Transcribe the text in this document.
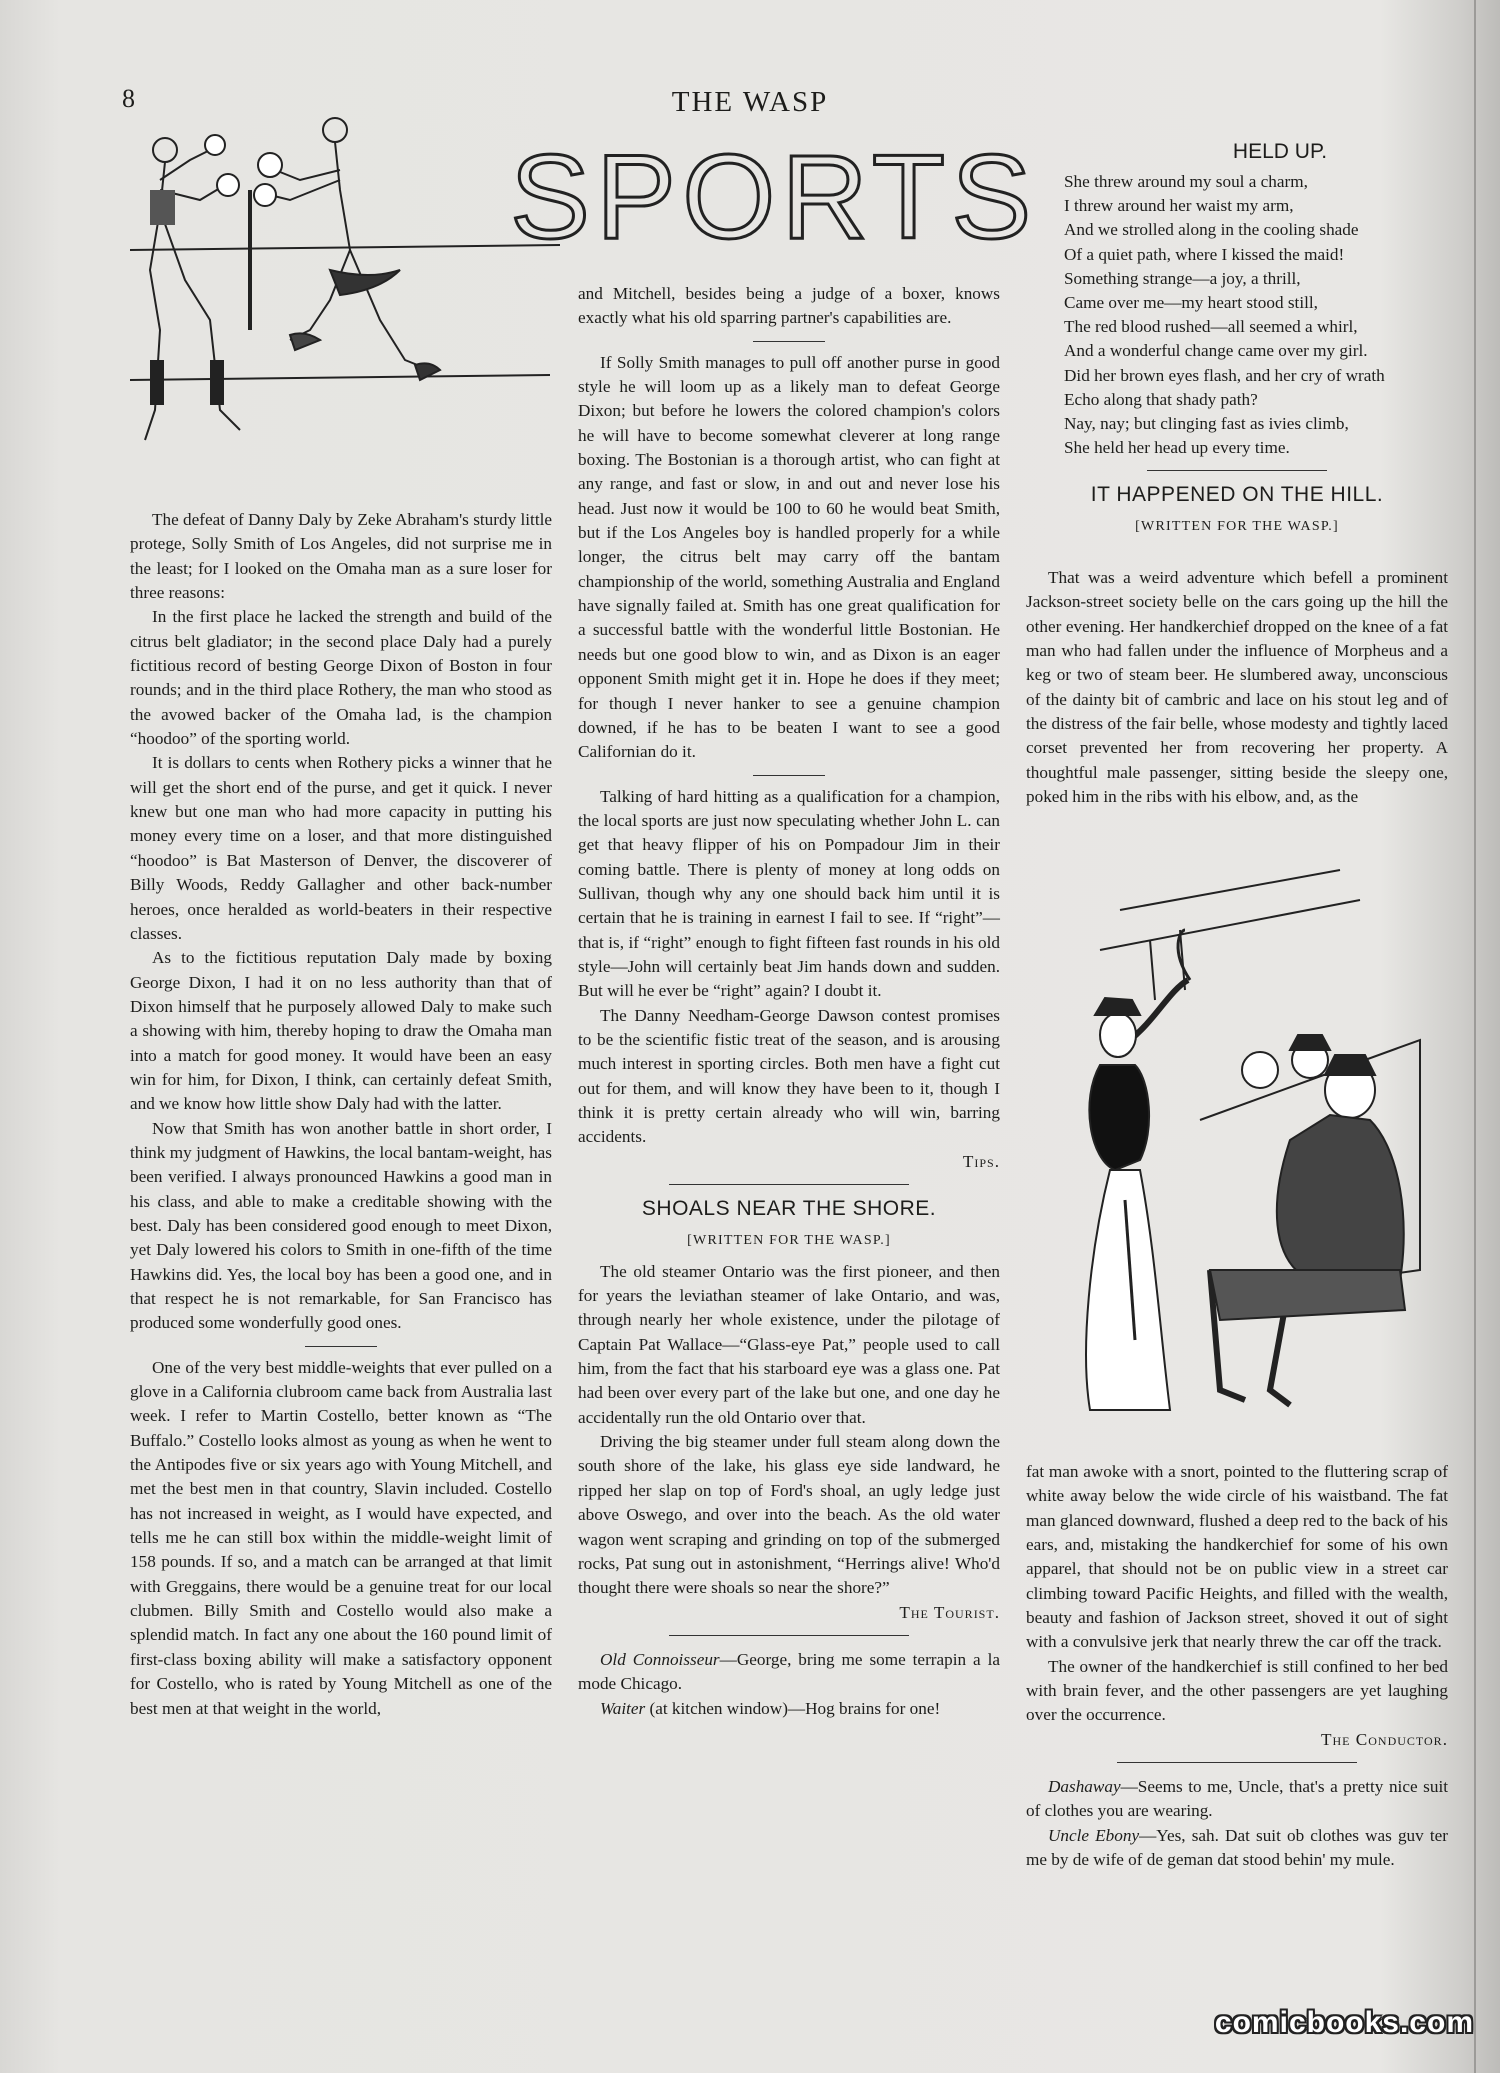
8	THE WASP
SPORTS

The defeat of Danny Daly by Zeke Abraham's sturdy little protege, Solly Smith of Los Angeles, did not surprise me in the least; for I looked on the Omaha man as a sure loser for three reasons:

In the first place he lacked the strength and build of the citrus belt gladiator; in the second place Daly had a purely fictitious record of besting George Dixon of Boston in four rounds; and in the third place Rothery, the man who stood as the avowed backer of the Omaha lad, is the champion “hoodoo” of the sporting world.

It is dollars to cents when Rothery picks a winner that he will get the short end of the purse, and get it quick. I never knew but one man who had more capacity in putting his money every time on a loser, and that more distinguished “hoodoo” is Bat Masterson of Denver, the discoverer of Billy Woods, Reddy Gallagher and other back-number heroes, once heralded as world-beaters in their respective classes.

As to the fictitious reputation Daly made by boxing George Dixon, I had it on no less authority than that of Dixon himself that he purposely allowed Daly to make such a showing with him, thereby hoping to draw the Omaha man into a match for good money. It would have been an easy win for him, for Dixon, I think, can certainly defeat Smith, and we know how little show Daly had with the latter.

Now that Smith has won another battle in short order, I think my judgment of Hawkins, the local bantam-weight, has been verified. I always pronounced Hawkins a good man in his class, and able to make a creditable showing with the best. Daly has been considered good enough to meet Dixon, yet Daly lowered his colors to Smith in one-fifth of the time Hawkins did. Yes, the local boy has been a good one, and in that respect he is not remarkable, for San Francisco has produced some wonderfully good ones.

One of the very best middle-weights that ever pulled on a glove in a California clubroom came back from Australia last week. I refer to Martin Costello, better known as “The Buffalo.” Costello looks almost as young as when he went to the Antipodes five or six years ago with Young Mitchell, and met the best men in that country, Slavin included. Costello has not increased in weight, as I would have expected, and tells me he can still box within the middle-weight limit of 158 pounds. If so, and a match can be arranged at that limit with Greggains, there would be a genuine treat for our local clubmen. Billy Smith and Costello would also make a splendid match. In fact any one about the 160 pound limit of first-class boxing ability will make a satisfactory opponent for Costello, who is rated by Young Mitchell as one of the best men at that weight in the world,

and Mitchell, besides being a judge of a boxer, knows exactly what his old sparring partner's capabilities are.

If Solly Smith manages to pull off another purse in good style he will loom up as a likely man to defeat George Dixon; but before he lowers the colored champion's colors he will have to become somewhat cleverer at long range boxing. The Bostonian is a thorough artist, who can fight at any range, and fast or slow, in and out and never lose his head. Just now it would be 100 to 60 he would beat Smith, but if the Los Angeles boy is handled properly for a while longer, the citrus belt may carry off the bantam championship of the world, something Australia and England have signally failed at. Smith has one great qualification for a successful battle with the wonderful little Bostonian. He needs but one good blow to win, and as Dixon is an eager opponent Smith might get it in. Hope he does if they meet; for though I never hanker to see a genuine champion downed, if he has to be beaten I want to see a good Californian do it.

Talking of hard hitting as a qualification for a champion, the local sports are just now speculating whether John L. can get that heavy flipper of his on Pompadour Jim in their coming battle. There is plenty of money at long odds on Sullivan, though why any one should back him until it is certain that he is training in earnest I fail to see. If “right”—that is, if “right” enough to fight fifteen fast rounds in his old style—John will certainly beat Jim hands down and sudden. But will he ever be “right” again? I doubt it.

The Danny Needham-George Dawson contest promises to be the scientific fistic treat of the season, and is arousing much interest in sporting circles. Both men have a fight cut out for them, and will know they have been to it, though I think it is pretty certain already who will win, barring accidents.

Tips.
SHOALS NEAR THE SHORE.
[WRITTEN FOR THE WASP.]

The old steamer Ontario was the first pioneer, and then for years the leviathan steamer of lake Ontario, and was, through nearly her whole existence, under the pilotage of Captain Pat Wallace—“Glass-eye Pat,” people used to call him, from the fact that his starboard eye was a glass one. Pat had been over every part of the lake but one, and one day he accidentally run the old Ontario over that.

Driving the big steamer under full steam along down the south shore of the lake, his glass eye side landward, he ripped her slap on top of Ford's shoal, an ugly ledge just above Oswego, and over into the beach. As the old water wagon went scraping and grinding on top of the submerged rocks, Pat sung out in astonishment, “Herrings alive! Who'd thought there were shoals so near the shore?”

The Tourist.

Old Connoisseur—George, bring me some terrapin a la mode Chicago.

Waiter (at kitchen window)—Hog brains for one!

HELD UP.
She threw around my soul a charm,
I threw around her waist my arm,
And we strolled along in the cooling shade
Of a quiet path, where I kissed the maid!
Something strange—a joy, a thrill,
Came over me—my heart stood still,
The red blood rushed—all seemed a whirl,
And a wonderful change came over my girl.
Did her brown eyes flash, and her cry of wrath
Echo along that shady path?
Nay, nay; but clinging fast as ivies climb,
She held her head up every time.
IT HAPPENED ON THE HILL.
[WRITTEN FOR THE WASP.]

That was a weird adventure which befell a prominent Jackson-street society belle on the cars going up the hill the other evening. Her handkerchief dropped on the knee of a fat man who had fallen under the influence of Morpheus and a keg or two of steam beer. He slumbered away, unconscious of the dainty bit of cambric and lace on his stout leg and of the distress of the fair belle, whose modesty and tightly laced corset prevented her from recovering her property. A thoughtful male passenger, sitting beside the sleepy one, poked him in the ribs with his elbow, and, as the

fat man awoke with a snort, pointed to the fluttering scrap of white away below the wide circle of his waistband. The fat man glanced downward, flushed a deep red to the back of his ears, and, mistaking the handkerchief for some of his own apparel, that should not be on public view in a street car climbing toward Pacific Heights, and filled with the wealth, beauty and fashion of Jackson street, shoved it out of sight with a convulsive jerk that nearly threw the car off the track.

The owner of the handkerchief is still confined to her bed with brain fever, and the other passengers are yet laughing over the occurrence.

The Conductor.

Dashaway—Seems to me, Uncle, that's a pretty nice suit of clothes you are wearing.

Uncle Ebony—Yes, sah. Dat suit ob clothes was guv ter me by de wife of de geman dat stood behin' my mule.

comicbooks.com
